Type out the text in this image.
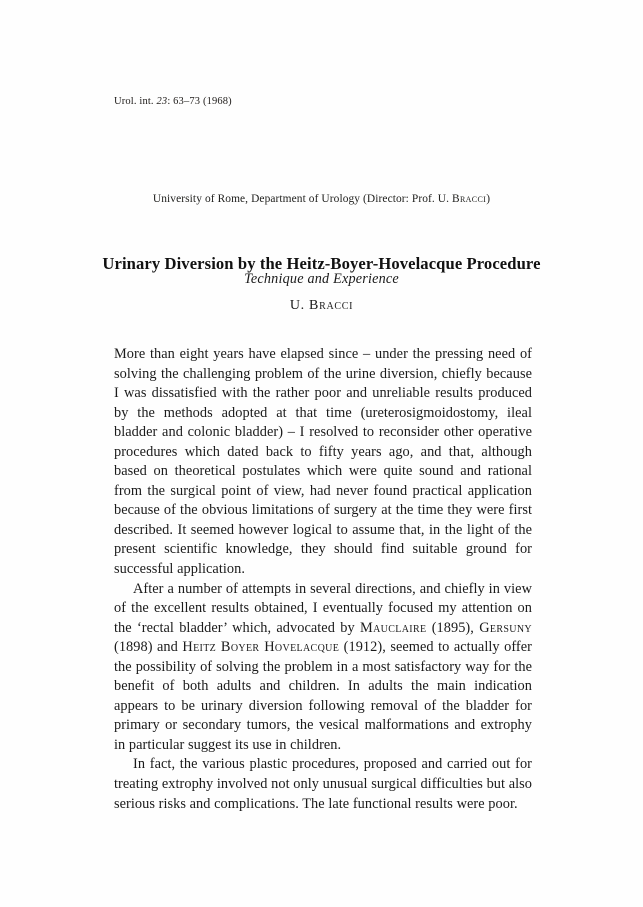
Urol. int. 23: 63–73 (1968)
University of Rome, Department of Urology (Director: Prof. U. Bracci)
Urinary Diversion by the Heitz-Boyer-Hovelacque Procedure
Technique and Experience
U. Bracci

More than eight years have elapsed since – under the pressing need of solving the challenging problem of the urine diversion, chiefly because I was dissatisfied with the rather poor and unreliable results produced by the methods adopted at that time (ureterosigmoidostomy, ileal bladder and colonic bladder) – I resolved to reconsider other operative procedures which dated back to fifty years ago, and that, although based on theoretical postulates which were quite sound and rational from the surgical point of view, had never found practical application because of the obvious limitations of surgery at the time they were first described. It seemed however logical to assume that, in the light of the present scientific knowledge, they should find suitable ground for successful application.

After a number of attempts in several directions, and chiefly in view of the excellent results obtained, I eventually focused my attention on the ‘rectal bladder’ which, advocated by Mauclaire (1895), Gersuny (1898) and Heitz Boyer Hovelacque (1912), seemed to actually offer the possibility of solving the problem in a most satisfactory way for the benefit of both adults and children. In adults the main indication appears to be urinary diversion following removal of the bladder for primary or secondary tumors, the vesical malformations and extrophy in particular suggest its use in children.

In fact, the various plastic procedures, proposed and carried out for treating extrophy involved not only unusual surgical difficulties but also serious risks and complications. The late functional results were poor.
